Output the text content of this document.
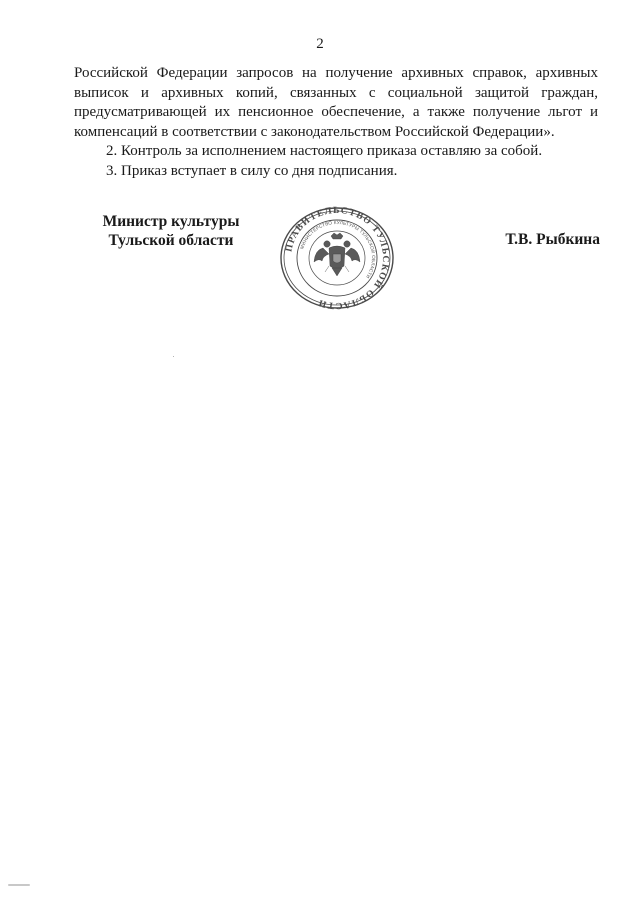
2

Российской Федерации запросов на получение архивных справок, архивных выписок и архивных копий, связанных с социальной защитой граждан, предусматривающей их пенсионное обеспечение, а также получение льгот и компенсаций в соответствии с законодательством Российской Федерации».

2. Контроль за исполнением настоящего приказа оставляю за собой.

3. Приказ вступает в силу со дня подписания.

Министр культуры
Тульской области	ПРАВИТЕЛЬСТВО ТУЛЬСКОЙ ОБЛАСТИ
МИНИСТЕРСТВО КУЛЬТУРЫ ТУЛЬСКОЙ ОБЛАСТИ
Т.В. Рыбкина
